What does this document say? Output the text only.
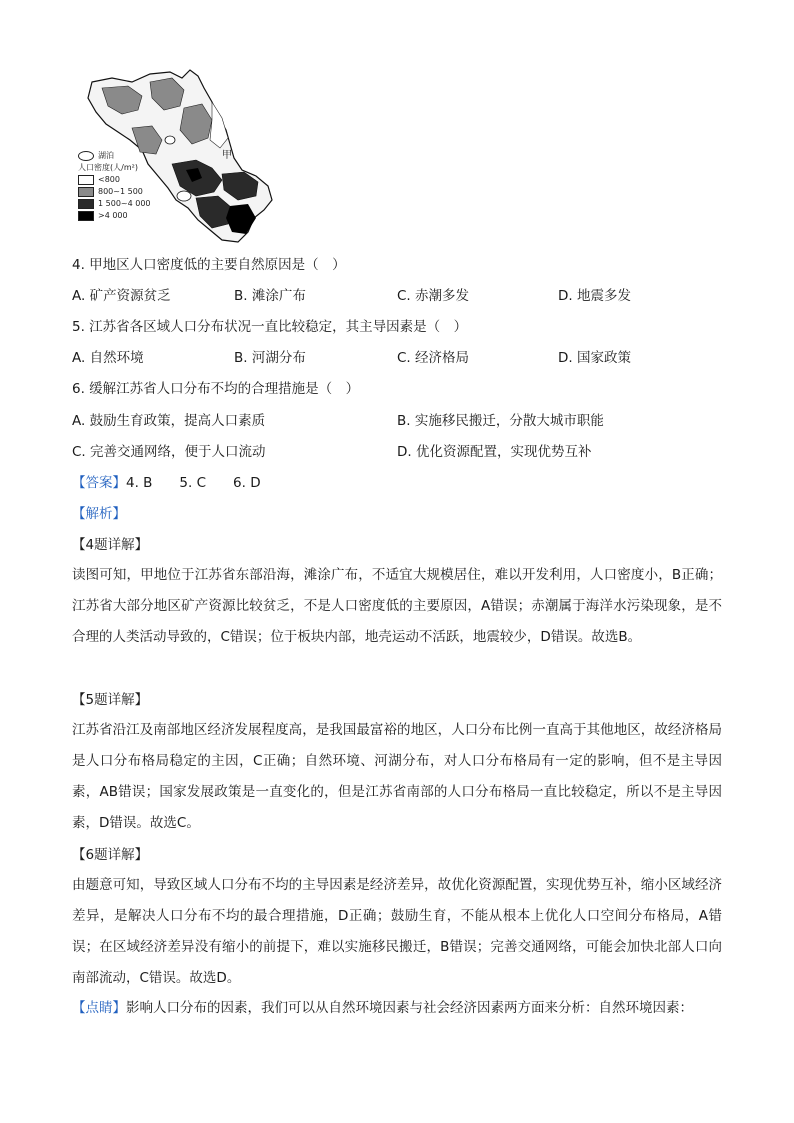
甲
湖泊
人口密度(人/m²)
<800
800~1 500
1 500~4 000
>4 000
4. 甲地区人口密度低的主要自然原因是（　）
A. 矿产资源贫乏	B. 滩涂广布	C. 赤潮多发	D. 地震多发
5. 江苏省各区域人口分布状况一直比较稳定，其主导因素是（　）
A. 自然环境	B. 河湖分布	C. 经济格局	D. 国家政策
6. 缓解江苏省人口分布不均的合理措施是（　）
A. 鼓励生育政策，提高人口素质	B. 实施移民搬迁，分散大城市职能
C. 完善交通网络，便于人口流动	D. 优化资源配置，实现优势互补
【答案】4. B　　5. C　　6. D
【解析】
【4题详解】
读图可知，甲地位于江苏省东部沿海，滩涂广布，不适宜大规模居住，难以开发利用，人口密度小，B正确；江苏省大部分地区矿产资源比较贫乏，不是人口密度低的主要原因，A错误；赤潮属于海洋水污染现象，是不合理的人类活动导致的，C错误；位于板块内部，地壳运动不活跃，地震较少，D错误。故选B。
【5题详解】
江苏省沿江及南部地区经济发展程度高，是我国最富裕的地区，人口分布比例一直高于其他地区，故经济格局是人口分布格局稳定的主因，C正确；自然环境、河湖分布，对人口分布格局有一定的影响，但不是主导因素，AB错误；国家发展政策是一直变化的，但是江苏省南部的人口分布格局一直比较稳定，所以不是主导因素，D错误。故选C。
【6题详解】
由题意可知，导致区域人口分布不均的主导因素是经济差异，故优化资源配置，实现优势互补，缩小区域经济差异，是解决人口分布不均的最合理措施，D正确；鼓励生育，不能从根本上优化人口空间分布格局，A错误；在区域经济差异没有缩小的前提下，难以实施移民搬迁，B错误；完善交通网络，可能会加快北部人口向南部流动，C错误。故选D。
【点睛】影响人口分布的因素，我们可以从自然环境因素与社会经济因素两方面来分析：自然环境因素：
